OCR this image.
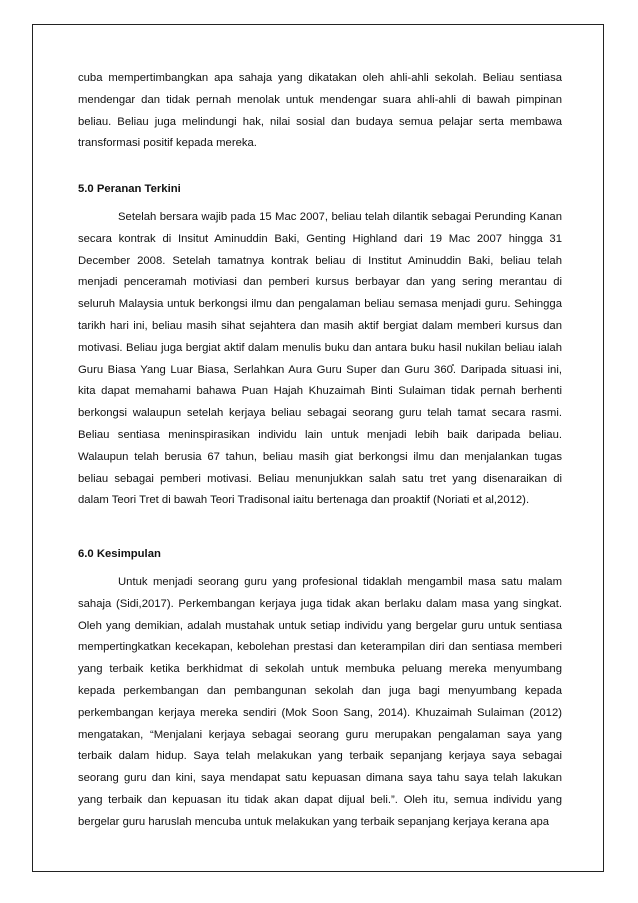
cuba mempertimbangkan apa sahaja yang dikatakan oleh ahli-ahli sekolah. Beliau sentiasa mendengar dan tidak pernah menolak untuk mendengar suara ahli-ahli di bawah pimpinan beliau. Beliau juga melindungi hak, nilai sosial dan budaya semua pelajar serta membawa transformasi positif kepada mereka.

5.0 Peranan Terkini

Setelah bersara wajib pada 15 Mac 2007, beliau telah dilantik sebagai Perunding Kanan secara kontrak di Insitut Aminuddin Baki, Genting Highland dari 19 Mac 2007 hingga 31 December 2008. Setelah tamatnya kontrak beliau di Institut Aminuddin Baki, beliau telah menjadi penceramah motiviasi dan pemberi kursus berbayar dan yang sering merantau di seluruh Malaysia untuk berkongsi ilmu dan pengalaman beliau semasa menjadi guru. Sehingga tarikh hari ini, beliau masih sihat sejahtera dan masih aktif bergiat dalam memberi kursus dan motivasi. Beliau juga bergiat aktif dalam menulis buku dan antara buku hasil nukilan beliau ialah Guru Biasa Yang Luar Biasa, Serlahkan Aura Guru Super dan Guru 360̊. Daripada situasi ini, kita dapat memahami bahawa Puan Hajah Khuzaimah Binti Sulaiman tidak pernah berhenti berkongsi walaupun setelah kerjaya beliau sebagai seorang guru telah tamat secara rasmi. Beliau sentiasa meninspirasikan individu lain untuk menjadi lebih baik daripada beliau. Walaupun telah berusia 67 tahun, beliau masih giat berkongsi ilmu dan menjalankan tugas beliau sebagai pemberi motivasi. Beliau menunjukkan salah satu tret yang disenaraikan di dalam Teori Tret di bawah Teori Tradisonal iaitu bertenaga dan proaktif (Noriati et al,2012).

6.0 Kesimpulan

Untuk menjadi seorang guru yang profesional tidaklah mengambil masa satu malam sahaja (Sidi,2017). Perkembangan kerjaya juga tidak akan berlaku dalam masa yang singkat. Oleh yang demikian, adalah mustahak untuk setiap individu yang bergelar guru untuk sentiasa mempertingkatkan kecekapan, kebolehan prestasi dan keterampilan diri dan sentiasa memberi yang terbaik ketika berkhidmat di sekolah untuk membuka peluang mereka menyumbang kepada perkembangan dan pembangunan sekolah dan juga bagi menyumbang kepada perkembangan kerjaya mereka sendiri (Mok Soon Sang, 2014). Khuzaimah Sulaiman (2012) mengatakan, “Menjalani kerjaya sebagai seorang guru merupakan pengalaman saya yang terbaik dalam hidup. Saya telah melakukan yang terbaik sepanjang kerjaya saya sebagai seorang guru dan kini, saya mendapat satu kepuasan dimana saya tahu saya telah lakukan yang terbaik dan kepuasan itu tidak akan dapat dijual beli.”. Oleh itu, semua individu yang bergelar guru haruslah mencuba untuk melakukan yang terbaik sepanjang kerjaya kerana apa
